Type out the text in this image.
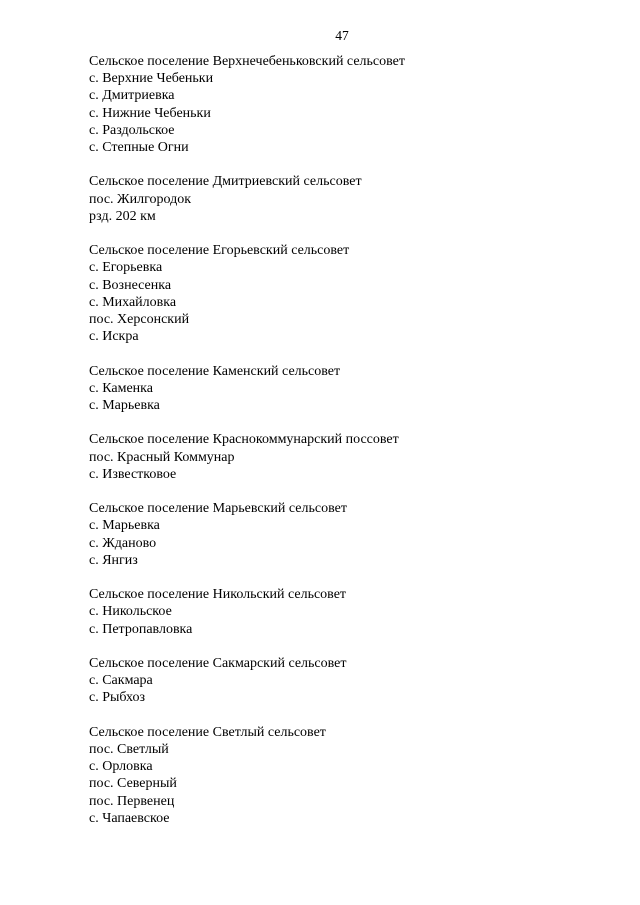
47
Сельское поселение Верхнечебеньковский сельсовет
с. Верхние Чебеньки
с. Дмитриевка
с. Нижние Чебеньки
с. Раздольское
с. Степные Огни
Сельское поселение Дмитриевский сельсовет
пос. Жилгородок
рзд. 202 км
Сельское поселение Егорьевский сельсовет
с. Егорьевка
с. Вознесенка
с. Михайловка
пос. Херсонский
с. Искра
Сельское поселение Каменский сельсовет
с. Каменка
с. Марьевка
Сельское поселение Краснокоммунарский поссовет
пос. Красный Коммунар
с. Известковое
Сельское поселение Марьевский сельсовет
с. Марьевка
с. Жданово
с. Янгиз
Сельское поселение Никольский сельсовет
с. Никольское
с. Петропавловка
Сельское поселение Сакмарский сельсовет
с. Сакмара
с. Рыбхоз
Сельское поселение Светлый сельсовет
пос. Светлый
с. Орловка
пос. Северный
пос. Первенец
с. Чапаевское
